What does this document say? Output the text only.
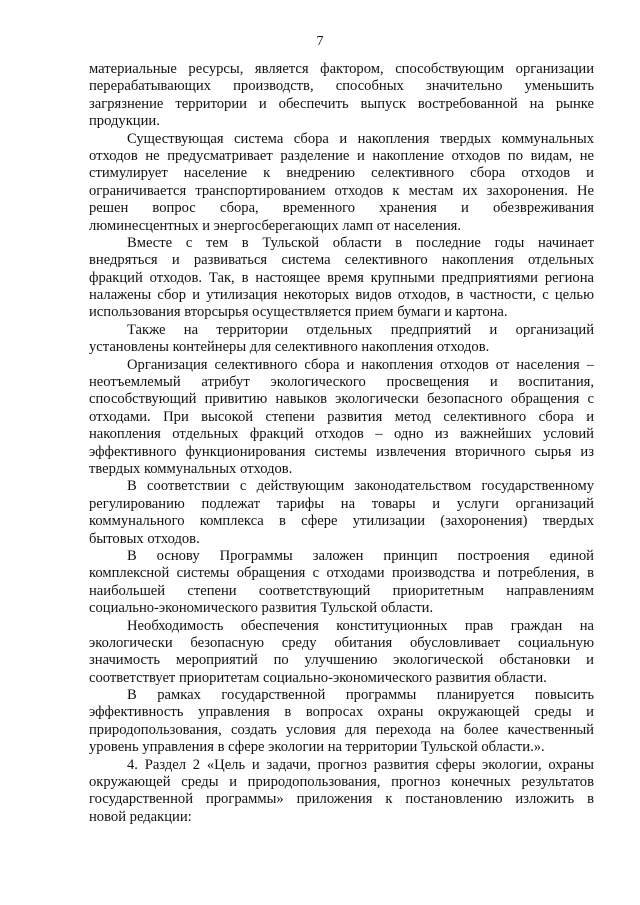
7
материальные ресурсы, является фактором, способствующим организации
перерабатывающих производств, способных значительно уменьшить
загрязнение территории и обеспечить выпуск востребованной на рынке
продукции.
Существующая система сбора и накопления твердых коммунальных
отходов не предусматривает разделение и накопление отходов по видам, не
стимулирует население к внедрению селективного сбора отходов и
ограничивается транспортированием отходов к местам их захоронения. Не
решен вопрос сбора, временного хранения и обезвреживания
люминесцентных и энергосберегающих ламп от населения.
Вместе с тем в Тульской области в последние годы начинает
внедряться и развиваться система селективного накопления отдельных
фракций отходов. Так, в настоящее время крупными предприятиями региона
налажены сбор и утилизация некоторых видов отходов, в частности, с целью
использования вторсырья осуществляется прием бумаги и картона.
Также на территории отдельных предприятий и организаций
установлены контейнеры для селективного накопления отходов.
Организация селективного сбора и накопления отходов от населения –
неотъемлемый атрибут экологического просвещения и воспитания,
способствующий привитию навыков экологически безопасного обращения с
отходами. При высокой степени развития метод селективного сбора и
накопления отдельных фракций отходов – одно из важнейших условий
эффективного функционирования системы извлечения вторичного сырья из
твердых коммунальных отходов.
В соответствии с действующим законодательством государственному
регулированию подлежат тарифы на товары и услуги организаций
коммунального комплекса в сфере утилизации (захоронения) твердых
бытовых отходов.
В основу Программы заложен принцип построения единой
комплексной системы обращения с отходами производства и потребления, в
наибольшей степени соответствующий приоритетным направлениям
социально-экономического развития Тульской области.
Необходимость обеспечения конституционных прав граждан на
экологически безопасную среду обитания обусловливает социальную
значимость мероприятий по улучшению экологической обстановки и
соответствует приоритетам социально-экономического развития области.
В рамках государственной программы планируется повысить
эффективность управления в вопросах охраны окружающей среды и
природопользования, создать условия для перехода на более качественный
уровень управления в сфере экологии на территории Тульской области.».
4. Раздел 2 «Цель и задачи, прогноз развития сферы экологии, охраны
окружающей среды и природопользования, прогноз конечных результатов
государственной программы» приложения к постановлению изложить в
новой редакции:
